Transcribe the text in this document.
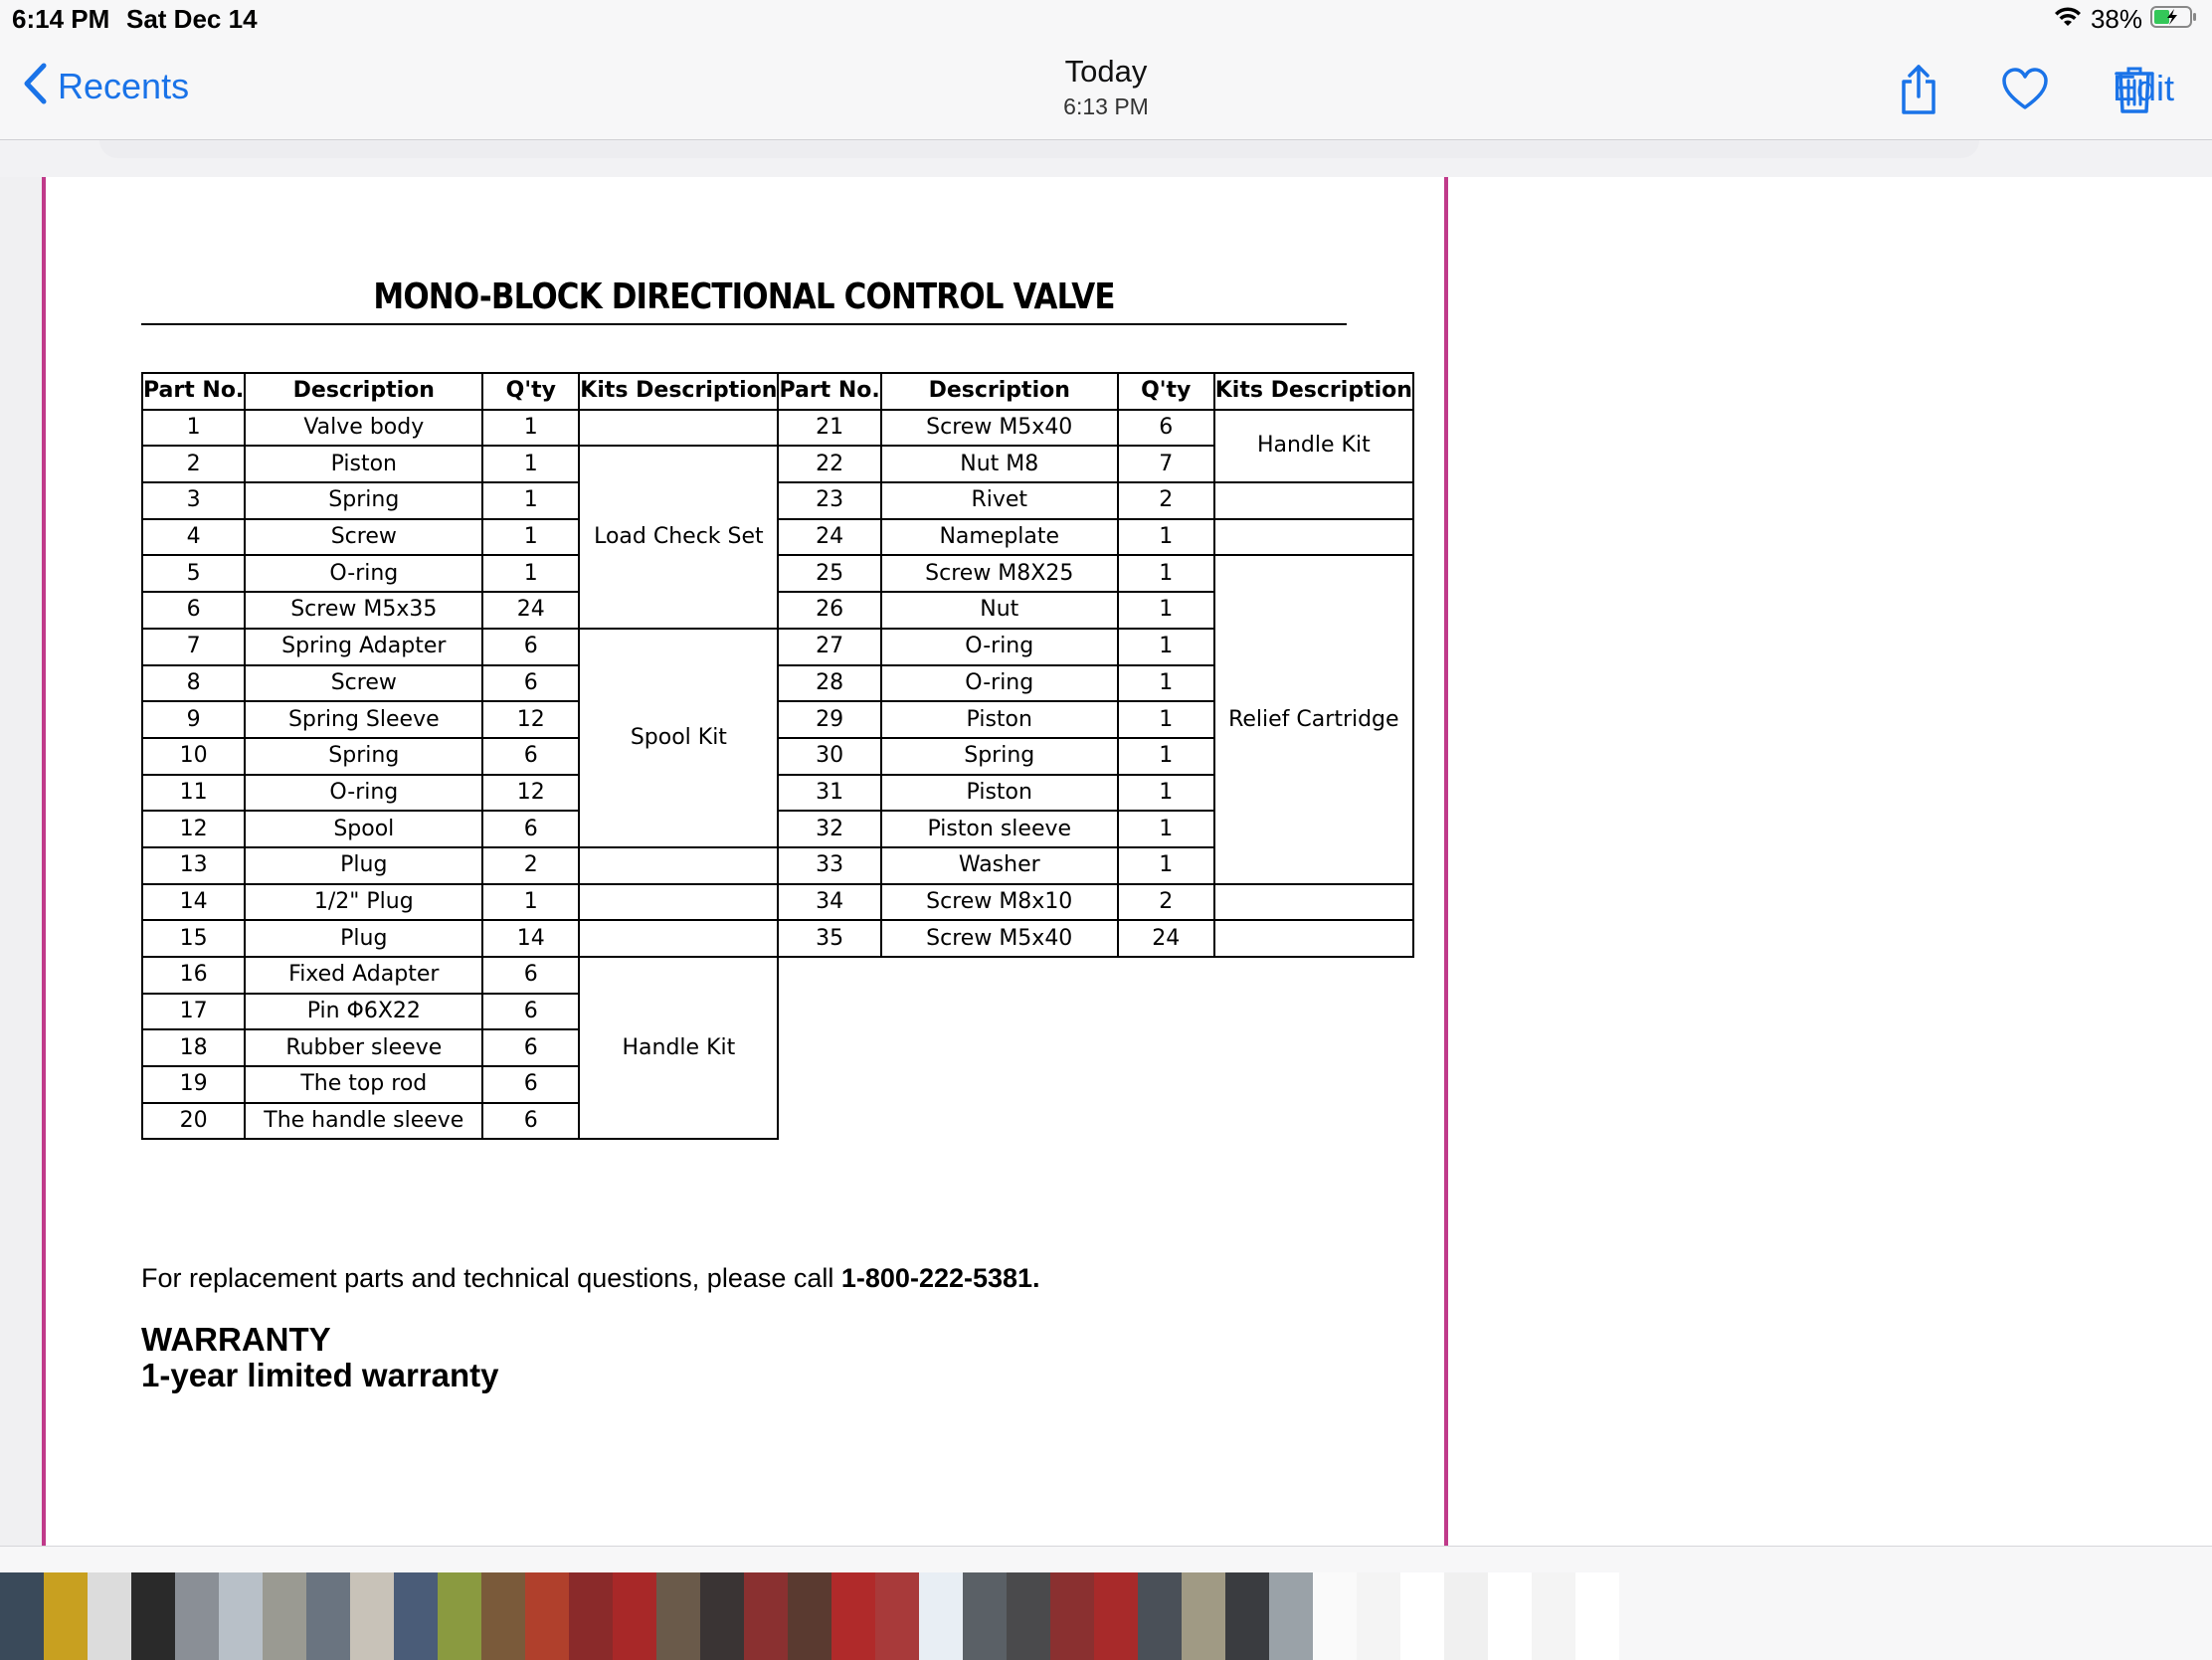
6:14 PM Sat Dec 14	38%
Recents	Today
6:13 PM	Edit
MONO-BLOCK DIRECTIONAL CONTROL VALVE
Part No.	Description	Q'ty	Kits Description	Part No.	Description	Q'ty	Kits Description
1	Valve body	1		21	Screw M5x40	6	Handle Kit
2	Piston	1	Load Check Set	22	Nut M8	7	
3	Spring	1		23	Rivet	2	
4	Screw	1		24	Nameplate	1	
5	O-ring	1		25	Screw M8X25	1	Relief Cartridge
6	Screw M5x35	24		26	Nut	1	
7	Spring Adapter	6	Spool Kit	27	O-ring	1	
8	Screw	6		28	O-ring	1	
9	Spring Sleeve	12		29	Piston	1	
10	Spring	6		30	Spring	1	
11	O-ring	12		31	Piston	1	
12	Spool	6		32	Piston sleeve	1	
13	Plug	2		33	Washer	1	
14	1/2" Plug	1		34	Screw M8x10	2	
15	Plug	14		35	Screw M5x40	24	
16	Fixed Adapter	6	Handle Kit				
17	Pin Φ6X22	6					
18	Rubber sleeve	6					
19	The top rod	6					
20	The handle sleeve	6					
For replacement parts and technical questions, please call 1-800-222-5381.
WARRANTY
1-year limited warranty
